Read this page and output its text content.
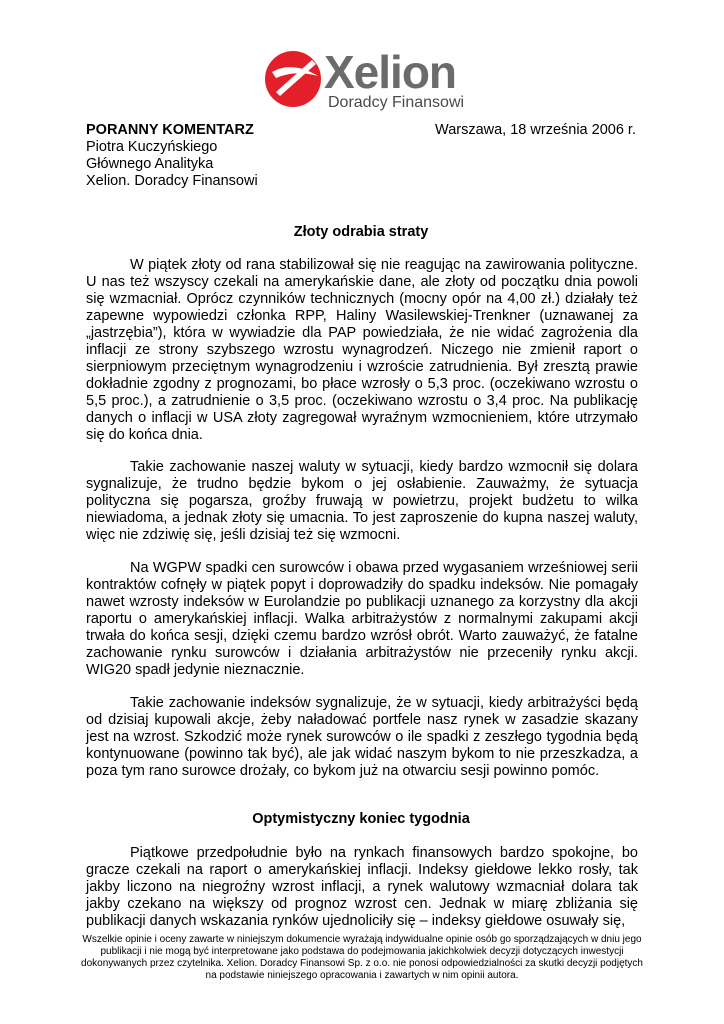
Xelion
Doradcy Finansowi
PORANNY KOMENTARZ
Piotra Kuczyńskiego
Głównego Analityka
Xelion. Doradcy Finansowi
Warszawa, 18 września 2006 r.
Złoty odrabia straty

W piątek złoty od rana stabilizował się nie reagując na zawirowania polityczne. U nas też wszyscy czekali na amerykańskie dane, ale złoty od początku dnia powoli się wzmacniał. Oprócz czynników technicznych (mocny opór na 4,00 zł.) działały też zapewne wypowiedzi członka RPP, Haliny Wasilewskiej-Trenkner (uznawanej za „jastrzębia”), która w wywiadzie dla PAP powiedziała, że nie widać zagrożenia dla inflacji ze strony szybszego wzrostu wynagrodzeń. Niczego nie zmienił raport o sierpniowym przeciętnym wynagrodzeniu i wzroście zatrudnienia. Był zresztą prawie dokładnie zgodny z prognozami, bo płace wzrosły o 5,3 proc. (oczekiwano wzrostu o 5,5 proc.), a zatrudnienie o 3,5 proc. (oczekiwano wzrostu o 3,4 proc. Na publikację danych o inflacji w USA złoty zagregował wyraźnym wzmocnieniem, które utrzymało się do końca dnia.

Takie zachowanie naszej waluty w sytuacji, kiedy bardzo wzmocnił się dolara sygnalizuje, że trudno będzie bykom o jej osłabienie. Zauważmy, że sytuacja polityczna się pogarsza, groźby fruwają w powietrzu, projekt budżetu to wilka niewiadoma, a jednak złoty się umacnia. To jest zaproszenie do kupna naszej waluty, więc nie zdziwię się, jeśli dzisiaj też się wzmocni.

Na WGPW spadki cen surowców i obawa przed wygasaniem wrześniowej serii kontraktów cofnęły w piątek popyt i doprowadziły do spadku indeksów. Nie pomagały nawet wzrosty indeksów w Eurolandzie po publikacji uznanego za korzystny dla akcji raportu o amerykańskiej inflacji. Walka arbitrażystów z normalnymi zakupami akcji trwała do końca sesji, dzięki czemu bardzo wzrósł obrót. Warto zauważyć, że fatalne zachowanie rynku surowców i działania arbitrażystów nie przeceniły rynku akcji. WIG20 spadł jedynie nieznacznie.

Takie zachowanie indeksów sygnalizuje, że w sytuacji, kiedy arbitrażyści będą od dzisiaj kupowali akcje, żeby naładować portfele nasz rynek w zasadzie skazany jest na wzrost. Szkodzić może rynek surowców o ile spadki z zeszłego tygodnia będą kontynuowane (powinno tak być), ale jak widać naszym bykom to nie przeszkadza, a poza tym rano surowce drożały, co bykom już na otwarciu sesji powinno pomóc.

Optymistyczny koniec tygodnia

Piątkowe przedpołudnie było na rynkach finansowych bardzo spokojne, bo gracze czekali na raport o amerykańskiej inflacji. Indeksy giełdowe lekko rosły, tak jakby liczono na niegroźny wzrost inflacji, a rynek walutowy wzmacniał dolara tak jakby czekano na większy od prognoz wzrost cen. Jednak w miarę zbliżania się publikacji danych wskazania rynków ujednoliciły się – indeksy giełdowe osuwały się,

Wszelkie opinie i oceny zawarte w niniejszym dokumencie wyrażają indywidualne opinie osób go sporządzających w dniu jego publikacji i nie mogą być interpretowane jako podstawa do podejmowania jakichkolwiek decyzji dotyczących inwestycji dokonywanych przez czytelnika. Xelion. Doradcy Finansowi Sp. z o.o. nie ponosi odpowiedzialności za skutki decyzji podjętych na podstawie niniejszego opracowania i zawartych w nim opinii autora.
